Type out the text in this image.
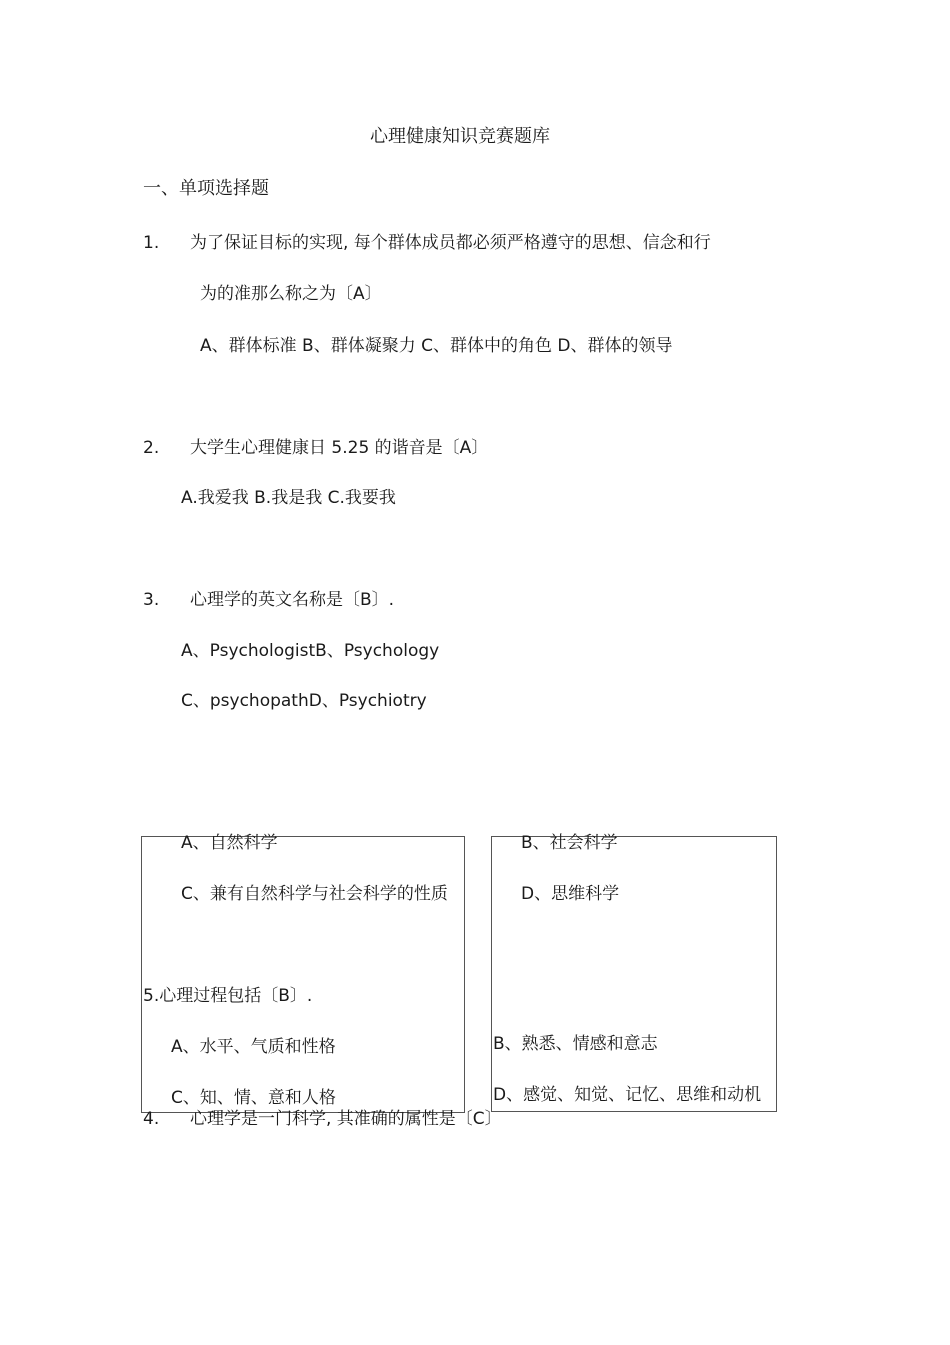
心理健康知识竞赛题库
一、单项选择题
1. 为了保证目标的实现, 每个群体成员都必须严格遵守的思想、信念和行
为的准那么称之为〔A〕
A、群体标准 B、群体凝聚力 C、群体中的角色 D、群体的领导
2. 大学生心理健康日 5.25 的谐音是〔A〕
A.我爱我 B.我是我 C.我要我
3. 心理学的英文名称是〔B〕.
A、PsychologistB、Psychology
C、psychopathD、Psychiotry
A、自然科学	B、社会科学
C、兼有自然科学与社会科学的性质	D、思维科学
5.心理过程包括〔B〕.
A、水平、气质和性格	B、熟悉、情感和意志
C、知、情、意和人格	D、感觉、知觉、记忆、思维和动机
4. 心理学是一门科学, 其准确的属性是〔C〕
